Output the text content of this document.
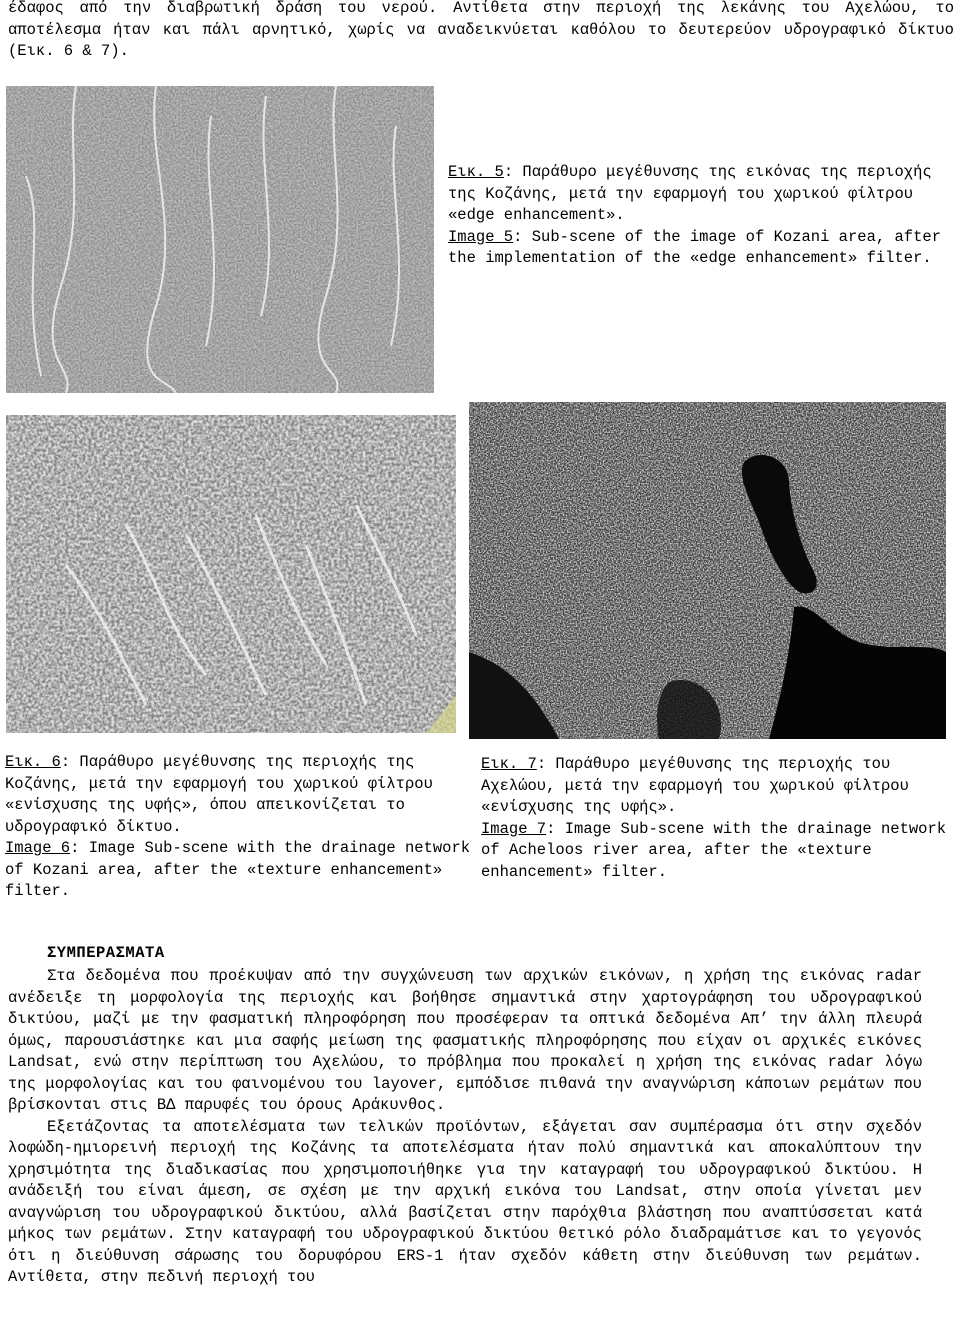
έδαφος από την διαβρωτική δράση του νερού. Αντίθετα στην περιοχή της λεκάνης του Αχελώου, το αποτέλεσμα ήταν και πάλι αρνητικό, χωρίς να αναδεικνύεται καθόλου το δευτερεύον υδρογραφικό δίκτυο (Εικ. 6 & 7).

Εικ. 5: Παράθυρο μεγέθυνσης της εικόνας της περιοχής της Κοζάνης, μετά την εφαρμογή του χωρικού φίλτρου «edge enhancement».

Image 5: Sub-scene of the image of Kozani area, after the implementation of the «edge enhancement» filter.

Εικ. 6: Παράθυρο μεγέθυνσης της περιοχής της Κοζάνης, μετά την εφαρμογή του χωρικού φίλτρου «ενίσχυσης της υφής», όπου απεικονίζεται το υδρογραφικό δίκτυο.

Image 6: Image Sub-scene with the drainage network of Kozani area, after the «texture enhancement» filter.

Εικ. 7: Παράθυρο μεγέθυνσης της περιοχής του Αχελώου, μετά την εφαρμογή του χωρικού φίλτρου «ενίσχυσης της υφής».

Image 7: Image Sub-scene with the drainage network of Acheloos river area, after the «texture enhancement» filter.

ΣΥΜΠΕΡΑΣΜΑΤΑ

Στα δεδομένα που προέκυψαν από την συγχώνευση των αρχικών εικόνων, η χρήση της εικόνας radar ανέδειξε τη μορφολογία της περιοχής και βοήθησε σημαντικά στην χαρτογράφηση του υδρογραφικού δικτύου, μαζί με την φασματική πληροφόρηση που προσέφεραν τα οπτικά δεδομένα Απ’ την άλλη πλευρά όμως, παρουσιάστηκε και μια σαφής μείωση της φασματικής πληροφόρησης που είχαν οι αρχικές εικόνες Landsat, ενώ στην περίπτωση του Αχελώου, το πρόβλημα που προκαλεί η χρήση της εικόνας radar λόγω της μορφολογίας και του φαινομένου του layover, εμπόδισε πιθανά την αναγνώριση κάποιων ρεμάτων που βρίσκονται στις ΒΔ παρυφές του όρους Αράκυνθος.

Εξετάζοντας τα αποτελέσματα των τελικών προϊόντων, εξάγεται σαν συμπέρασμα ότι στην σχεδόν λοφώδη-ημιορεινή περιοχή της Κοζάνης τα αποτελέσματα ήταν πολύ σημαντικά και αποκαλύπτουν την χρησιμότητα της διαδικασίας που χρησιμοποιήθηκε για την καταγραφή του υδρογραφικού δικτύου. Η ανάδειξή του είναι άμεση, σε σχέση με την αρχική εικόνα του Landsat, στην οποία γίνεται μεν αναγνώριση του υδρογραφικού δικτύου, αλλά βασίζεται στην παρόχθια βλάστηση που αναπτύσσεται κατά μήκος των ρεμάτων. Στην καταγραφή του υδρογραφικού δικτύου θετικό ρόλο διαδραμάτισε και το γεγονός ότι η διεύθυνση σάρωσης του δορυφόρου ERS-1 ήταν σχεδόν κάθετη στην διεύθυνση των ρεμάτων. Αντίθετα, στην πεδινή περιοχή του
